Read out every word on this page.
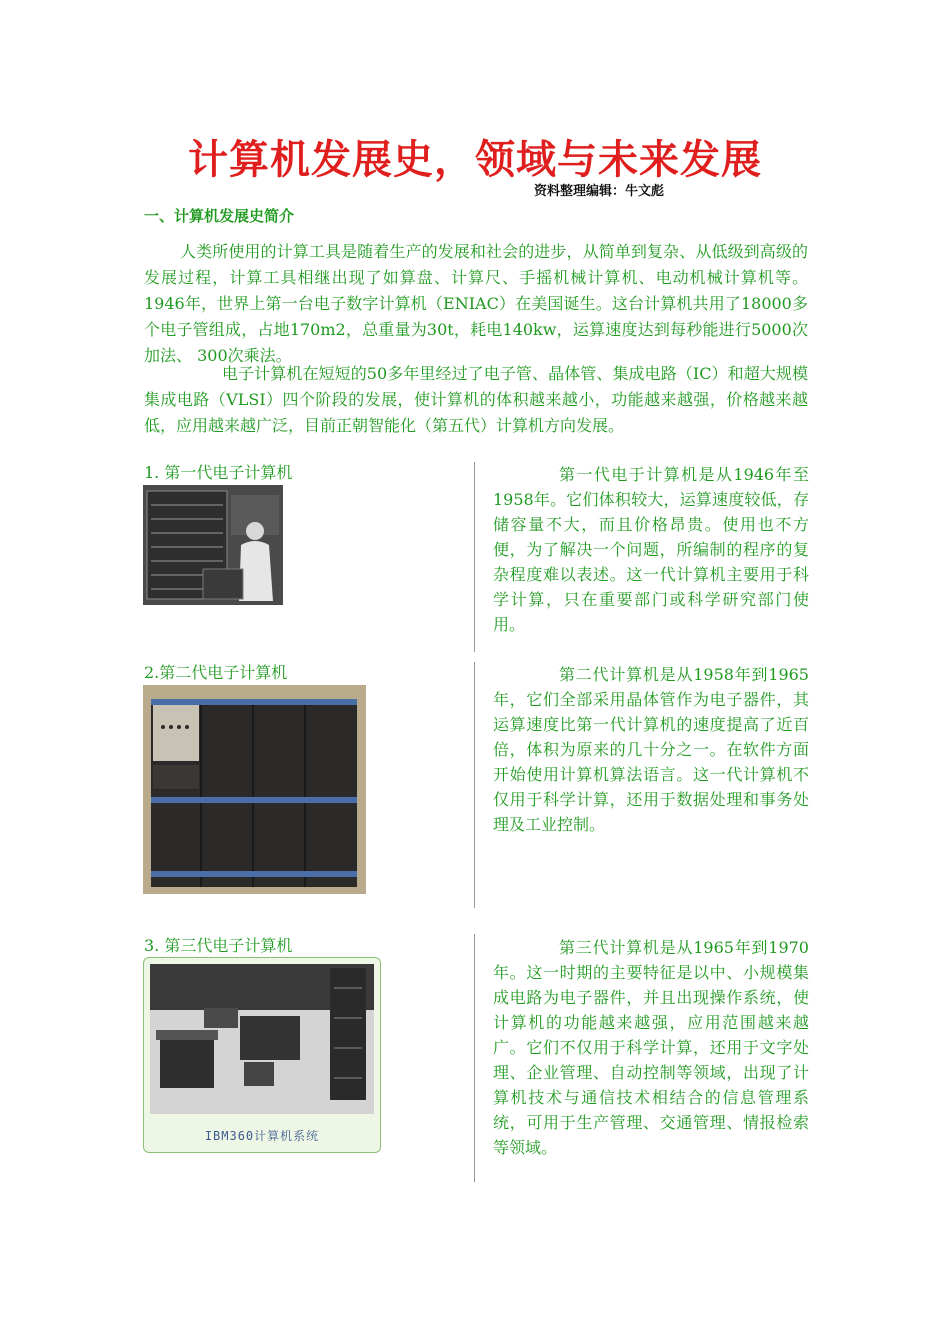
计算机发展史，领域与未来发展
资料整理编辑：牛文彪
一、计算机发展史简介

人类所使用的计算工具是随着生产的发展和社会的进步，从简单到复杂、从低级到高级的发展过程，计算工具相继出现了如算盘、计算尺、手摇机械计算机、电动机械计算机等。 1946年，世界上第一台电子数字计算机（ENIAC）在美国诞生。这台计算机共用了18000多个电子管组成，占地170m2，总重量为30t，耗电140kw，运算速度达到每秒能进行5000次加法、 300次乘法。

电子计算机在短短的50多年里经过了电子管、晶体管、集成电路（IC）和超大规模集成电路（VLSI）四个阶段的发展，使计算机的体积越来越小，功能越来越强，价格越来越低，应用越来越广泛，目前正朝智能化（第五代）计算机方向发展。

1. 第一代电子计算机	第一代电于计算机是从1946年至1958年。它们体积较大，运算速度较低，存储容量不大，而且价格昂贵。使用也不方便，为了解决一个问题，所编制的程序的复杂程度难以表述。这一代计算机主要用于科学计算，只在重要部门或科学研究部门使用。

2.第二代电子计算机	第二代计算机是从1958年到1965年，它们全部采用晶体管作为电子器件，其运算速度比第一代计算机的速度提高了近百倍，体积为原来的几十分之一。在软件方面开始使用计算机算法语言。这一代计算机不仅用于科学计算，还用于数据处理和事务处理及工业控制。

3. 第三代电子计算机

IBM360计算机系统

第三代计算机是从1965年到1970年。这一时期的主要特征是以中、小规模集成电路为电子器件，并且出现操作系统，使计算机的功能越来越强，应用范围越来越广。它们不仅用于科学计算，还用于文字处理、企业管理、自动控制等领域，出现了计算机技术与通信技术相结合的信息管理系统，可用于生产管理、交通管理、情报检索等领域。
